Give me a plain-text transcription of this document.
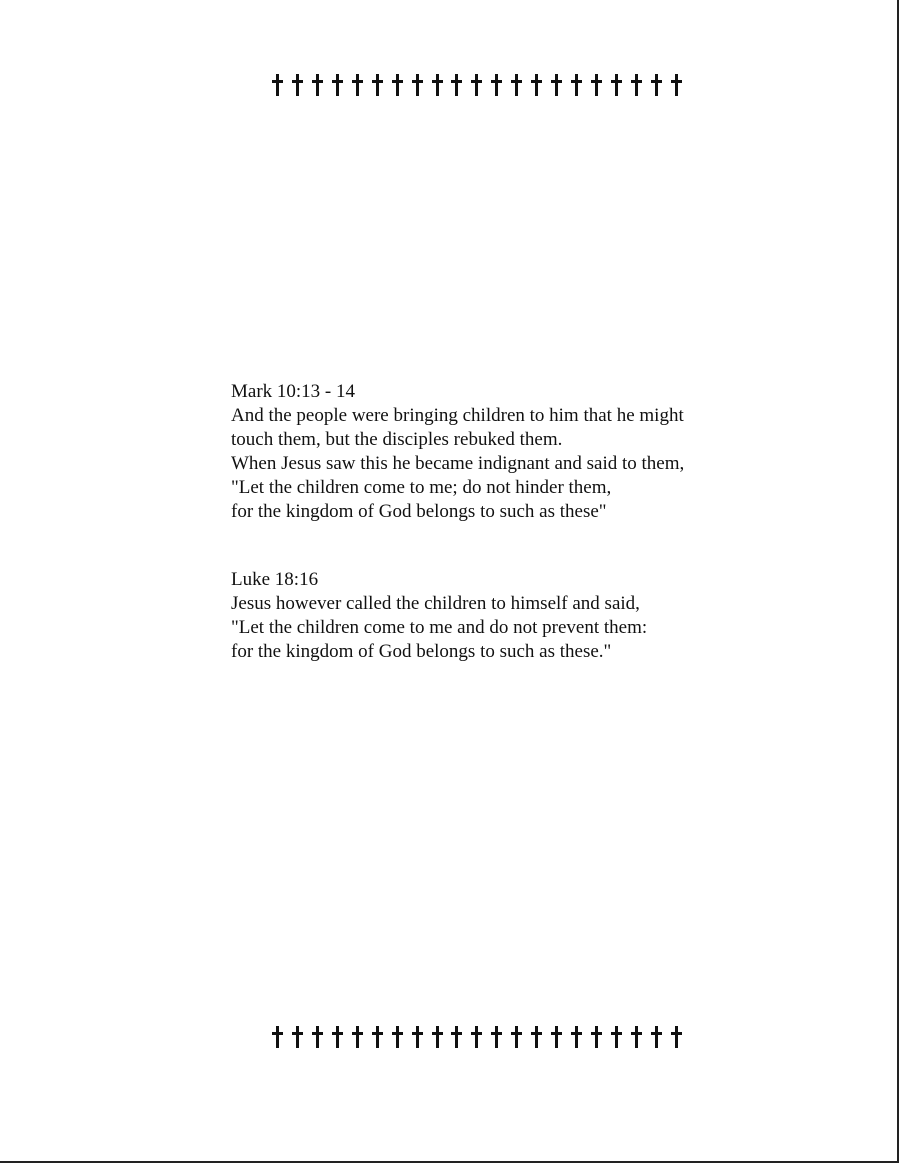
Mark 10:13 - 14
And the people were bringing children to him that he might
touch them, but the disciples rebuked them.
When Jesus saw this he became indignant and said to them,
"Let the children come to me; do not hinder them,
for the kingdom of God belongs to such as these"
Luke 18:16
Jesus however called the children to himself and said,
"Let the children come to me and do not prevent them:
for the kingdom of God belongs to such as these."
